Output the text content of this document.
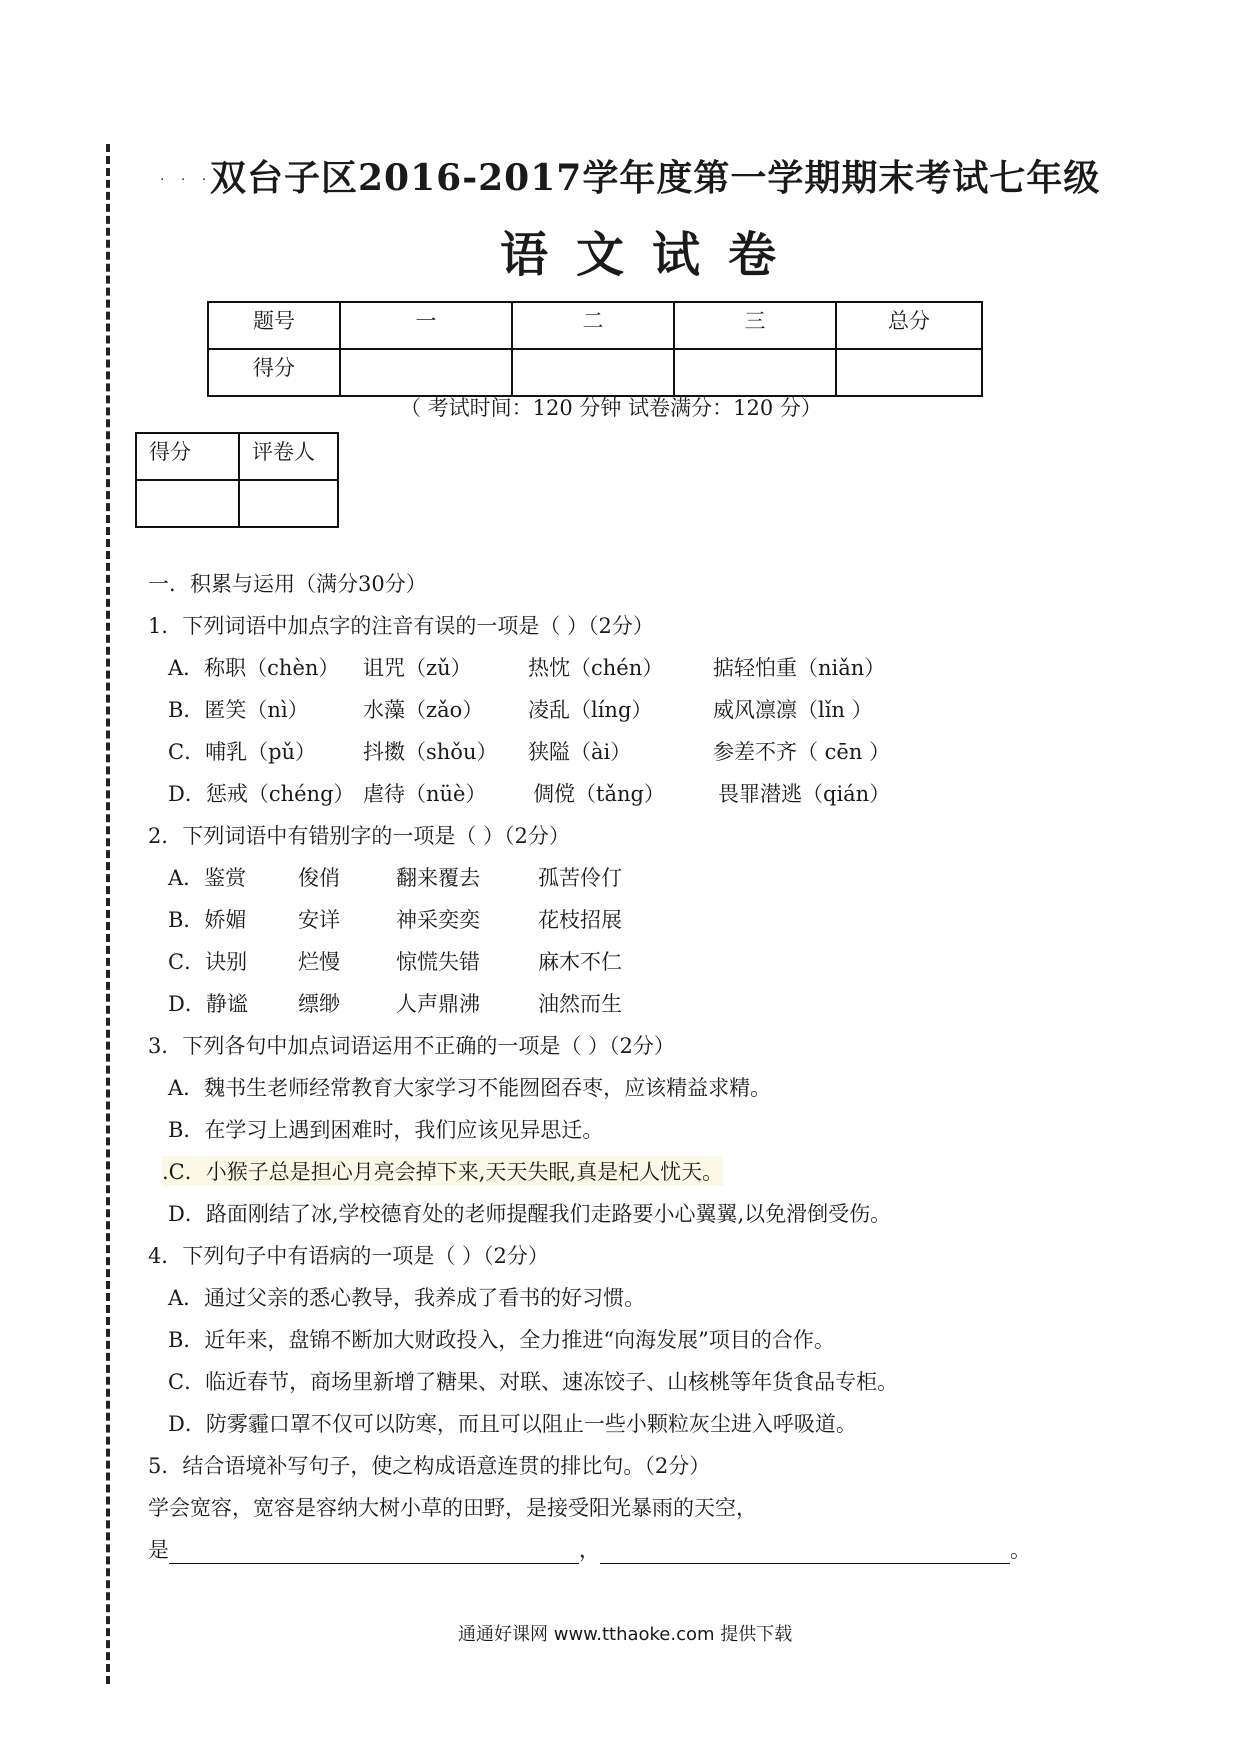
. . .
双台子区2016-2017学年度第一学期期末考试七年级
语文试卷
题号	一	二	三	总分
得分				
（ 考试时间：120 分钟 试卷满分：120 分）
得分	评卷人

一．积累与运用（满分30分）
1．下列词语中加点字的注音有误的一项是（ ）（2分）
A．称职（chèn） 诅咒（zǔ）	热忱（chén） 掂轻怕重（niǎn）
B．匿笑（nì）	水藻（zǎo） 凌乱（líng）	威风凛凛（lǐn ）
C．哺乳（pǔ） 抖擞（shǒu） 狭隘（ài）	参差不齐（ cēn ）
D．惩戒（chéng） 虐待（nüè） 倜傥（tǎng）	畏罪潜逃（qián）
2．下列词语中有错别字的一项是（ ）（2分）
A．鉴赏 俊俏	翻来覆去	孤苦伶仃
B．娇媚 安详	神采奕奕	花枝招展
C．诀别 烂慢	惊慌失错	麻木不仁
D．静谧 缥缈	人声鼎沸	油然而生
3．下列各句中加点词语运用不正确的一项是（ ）（2分）
A．魏书生老师经常教育大家学习不能囫囵吞枣，应该精益求精。
B．在学习上遇到困难时，我们应该见异思迁。
.C．小猴子总是担心月亮会掉下来,天天失眠,真是杞人忧天。
D．路面刚结了冰,学校德育处的老师提醒我们走路要小心翼翼,以免滑倒受伤。
4．下列句子中有语病的一项是（ ）（2分）
A．通过父亲的悉心教导，我养成了看书的好习惯。
B．近年来，盘锦不断加大财政投入，全力推进“向海发展”项目的合作。
C．临近春节，商场里新增了糖果、对联、速冻饺子、山核桃等年货食品专柜。
D．防雾霾口罩不仅可以防寒，而且可以阻止一些小颗粒灰尘进入呼吸道。
5．结合语境补写句子，使之构成语意连贯的排比句。（2分）
学会宽容，宽容是容纳大树小草的田野，是接受阳光暴雨的天空，
是	，	。
通通好课网 www.tthaoke.com 提供下载
